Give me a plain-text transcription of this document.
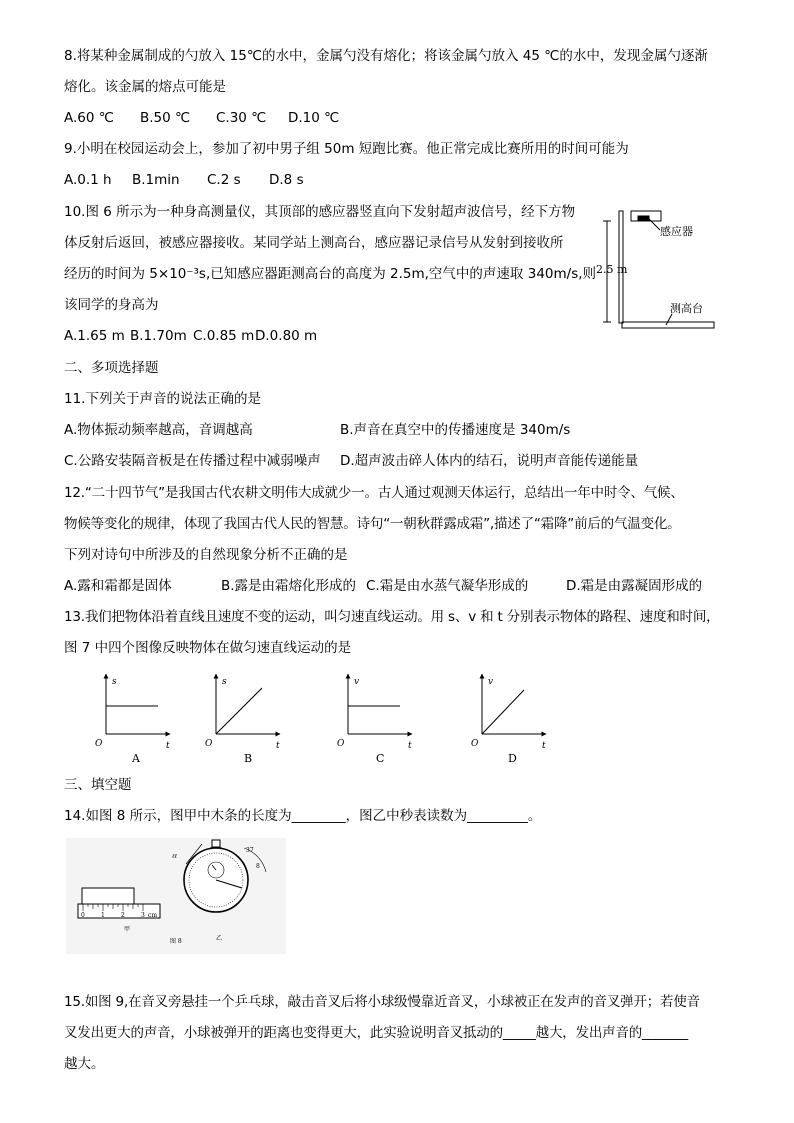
8.将某种金属制成的勺放入 15℃的水中，金属勺没有熔化；将该金属勺放入 45 ℃的水中，发现金属勺逐渐
熔化。该金属的熔点可能是
A.60 ℃ B.50 ℃ C.30 ℃ D.10 ℃
9.小明在校园运动会上，参加了初中男子组 50m 短跑比赛。他正常完成比赛所用的时间可能为
A.0.1 h B.1min C.2 s D.8 s
10.图 6 所示为一种身高测量仪，其顶部的感应器竖直向下发射超声波信号，经下方物
体反射后返回，被感应器接收。某同学站上测高台，感应器记录信号从发射到接收所
经历的时间为 5×10⁻³s,已知感应器距测高台的高度为 2.5m,空气中的声速取 340m/s,则
该同学的身高为
A.1.65 m B.1.70m C.0.85 mD.0.80 m
感应器
2.5 m
测高台
二、多项选择题
11.下列关于声音的说法正确的是
A.物体振动频率越高，音调越高	B.声音在真空中的传播速度是 340m/s
C.公路安装隔音板是在传播过程中减弱噪声 D.超声波击碎人体内的结石，说明声音能传递能量
12.“二十四节气”是我国古代农耕文明伟大成就少一。古人通过观测天体运行，总结出一年中时令、气候、
物候等变化的规律，体现了我国古代人民的智慧。诗句“一朝秋群露成霜”,描述了“霜降”前后的气温变化。
下列对诗句中所涉及的自然现象分析不正确的是
A.露和霜都是固体	B.露是由霜熔化形成的 C.霜是由水蒸气凝华形成的	D.霜是由露凝固形成的
13.我们把物体沿着直线且速度不变的运动，叫匀速直线运动。用 s、v 和 t 分别表示物体的路程、速度和时间，
图 7 中四个图像反映物体在做匀速直线运动的是
s
t
O
A
s
t
O
B
v
t
O
C
v
t
O
D
三、填空题
14.如图 8 所示，图甲中木条的长度为________，图乙中秒表读数为_________。
0	1	2	3 cm
甲
ℓℓ
37
8
乙
图 8
15.如图 9,在音叉旁悬挂一个乒乓球，敲击音叉后将小球级慢靠近音叉，小球被正在发声的音叉弹开；若使音
叉发出更大的声音，小球被弹开的距离也变得更大，此实验说明音叉抵动的_____越大，发出声音的_______
越大。
